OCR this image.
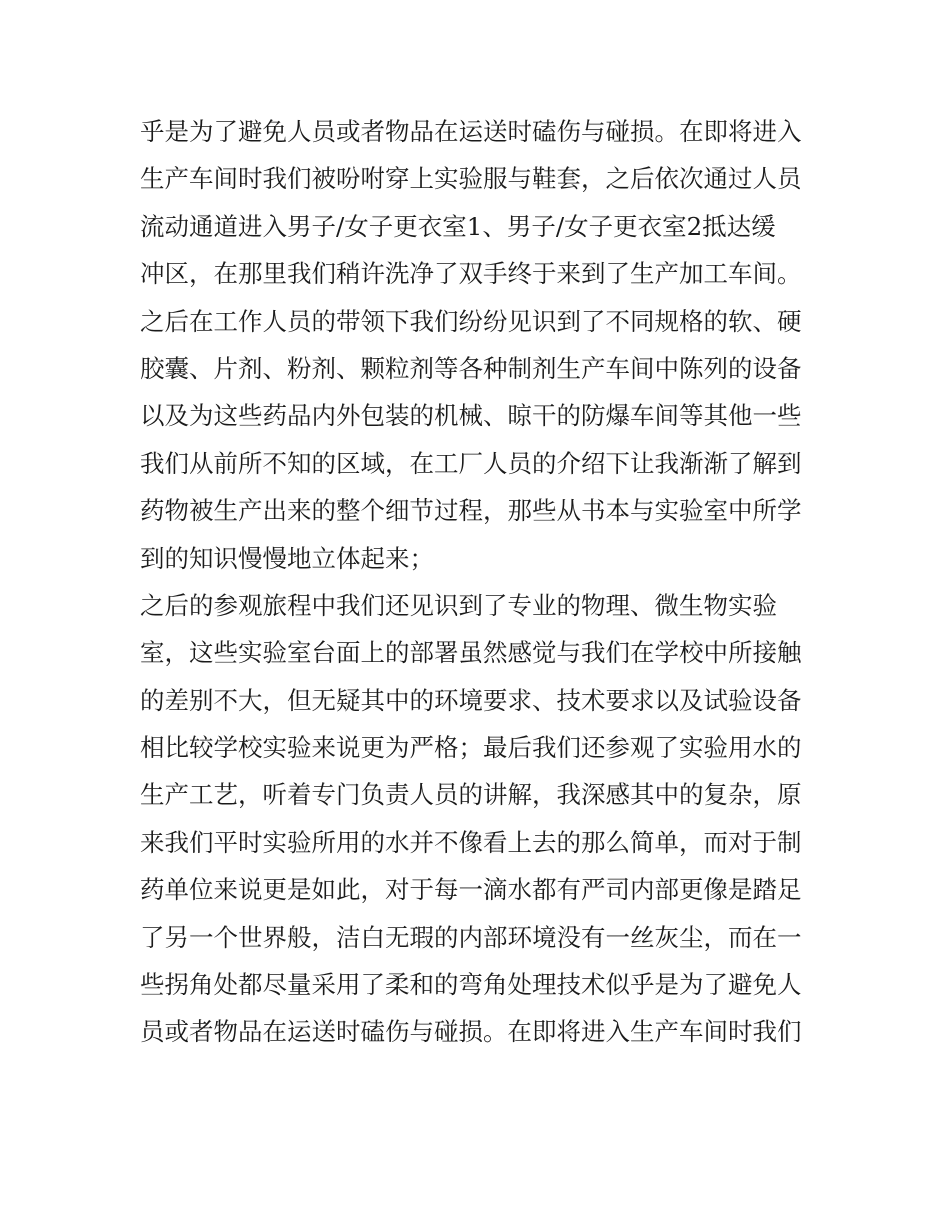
乎是为了避免人员或者物品在运送时磕伤与碰损。在即将进入
生产车间时我们被吩咐穿上实验服与鞋套，之后依次通过人员
流动通道进入男子/女子更衣室1、男子/女子更衣室2抵达缓
冲区，在那里我们稍许洗净了双手终于来到了生产加工车间。
之后在工作人员的带领下我们纷纷见识到了不同规格的软、硬
胶囊、片剂、粉剂、颗粒剂等各种制剂生产车间中陈列的设备
以及为这些药品内外包装的机械、晾干的防爆车间等其他一些
我们从前所不知的区域，在工厂人员的介绍下让我渐渐了解到
药物被生产出来的整个细节过程，那些从书本与实验室中所学
到的知识慢慢地立体起来；
之后的参观旅程中我们还见识到了专业的物理、微生物实验
室，这些实验室台面上的部署虽然感觉与我们在学校中所接触
的差别不大，但无疑其中的环境要求、技术要求以及试验设备
相比较学校实验来说更为严格；最后我们还参观了实验用水的
生产工艺，听着专门负责人员的讲解，我深感其中的复杂，原
来我们平时实验所用的水并不像看上去的那么简单，而对于制
药单位来说更是如此，对于每一滴水都有严司内部更像是踏足
了另一个世界般，洁白无瑕的内部环境没有一丝灰尘，而在一
些拐角处都尽量采用了柔和的弯角处理技术似乎是为了避免人
员或者物品在运送时磕伤与碰损。在即将进入生产车间时我们
